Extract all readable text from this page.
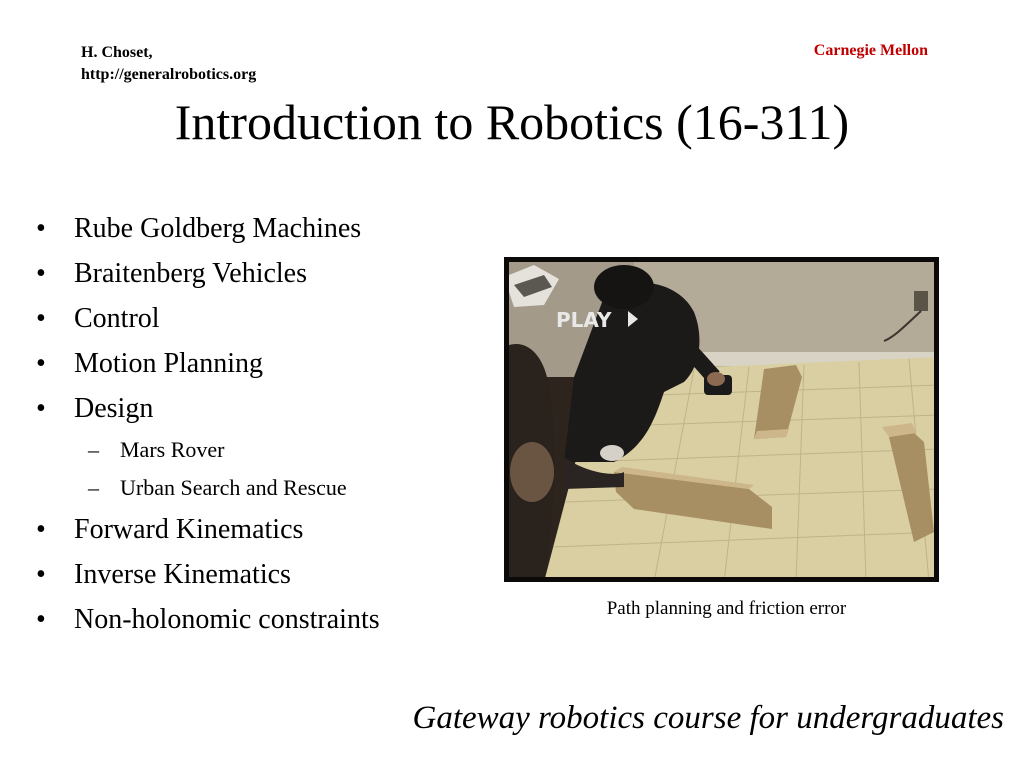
H. Choset,
http://generalrobotics.org
Carnegie Mellon
Introduction to Robotics (16-311)
• Rube Goldberg Machines
• Braitenberg Vehicles
• Control
• Motion Planning
• Design
– Mars Rover
– Urban Search and Rescue
• Forward Kinematics
• Inverse Kinematics
• Non-holonomic constraints
PLAY
Path planning and friction error
Gateway robotics course for undergraduates
